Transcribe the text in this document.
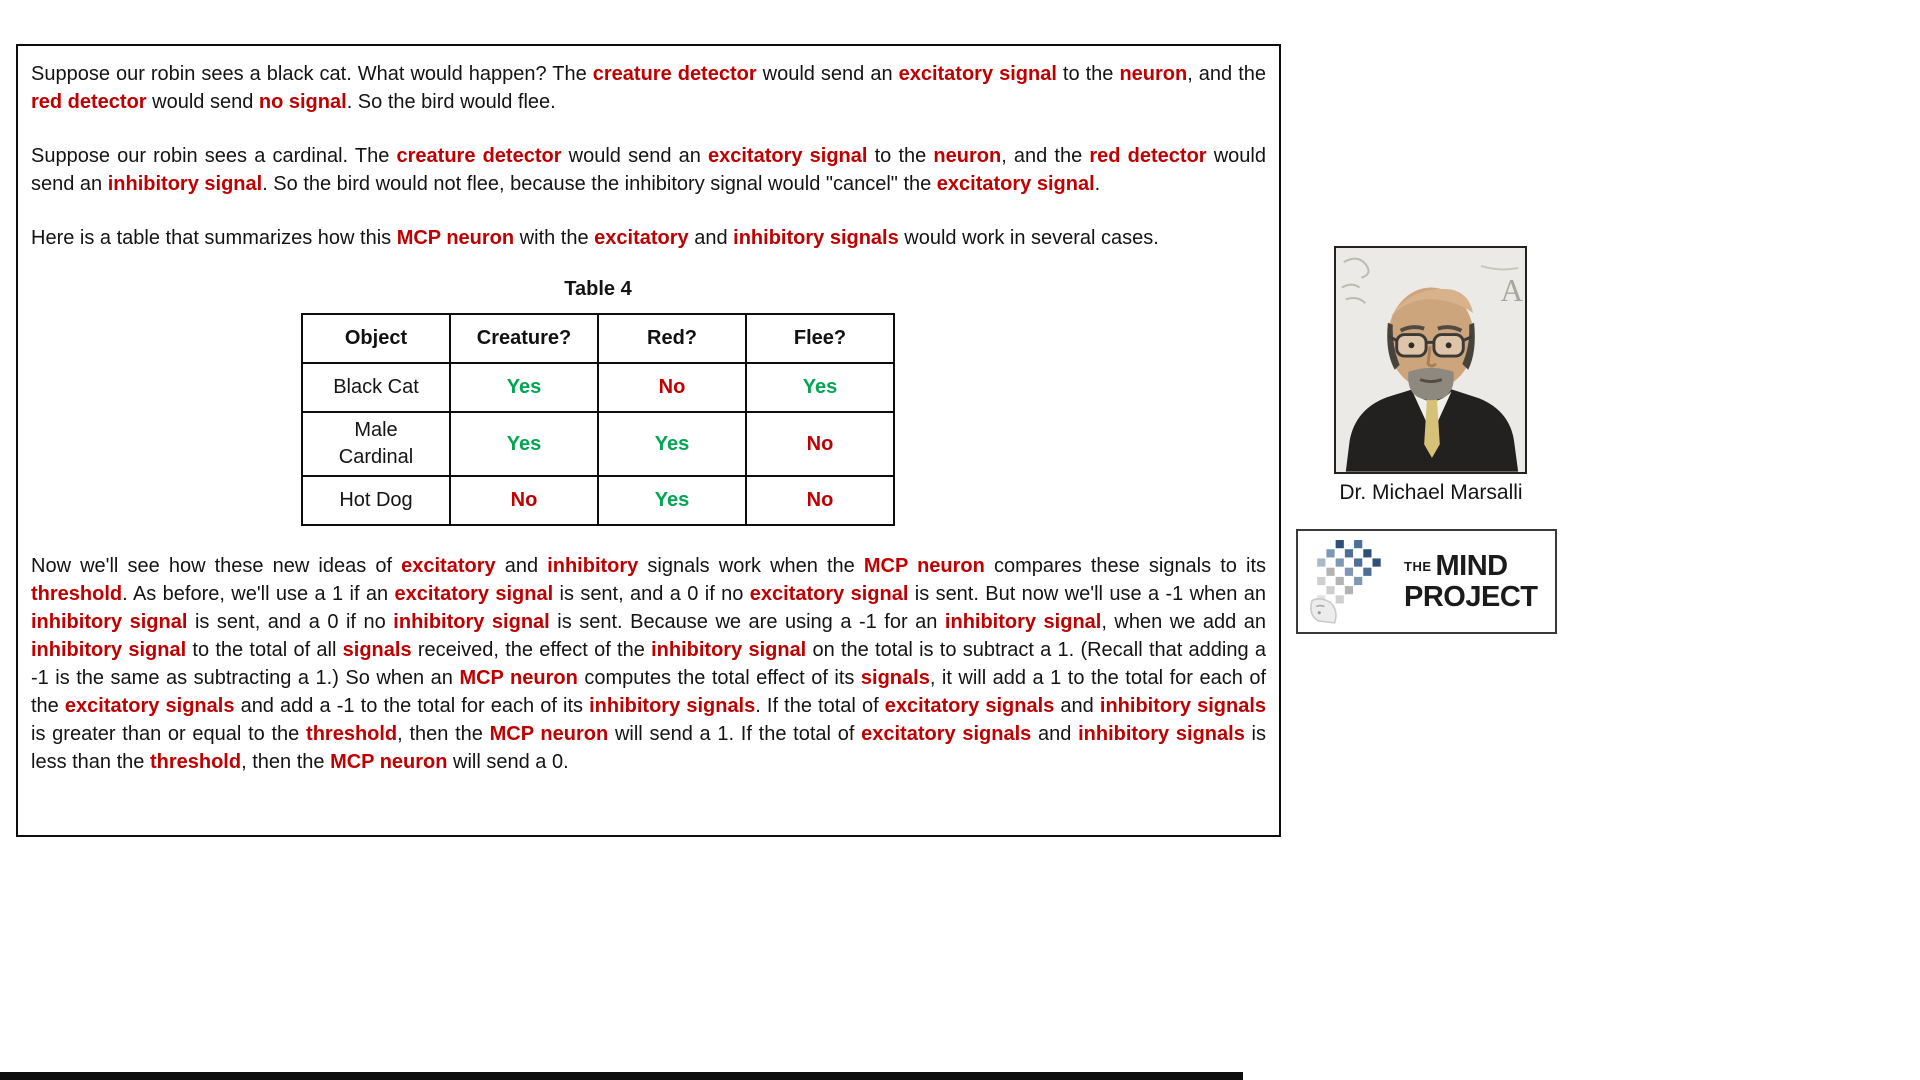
Suppose our robin sees a black cat. What would happen? The creature detector would send an excitatory signal to the neuron, and the red detector would send no signal. So the bird would flee.

Suppose our robin sees a cardinal. The creature detector would send an excitatory signal to the neuron, and the red detector would send an inhibitory signal. So the bird would not flee, because the inhibitory signal would "cancel" the excitatory signal.

Here is a table that summarizes how this MCP neuron with the excitatory and inhibitory signals would work in several cases.

Table 4
Object	Creature?	Red?	Flee?
Black Cat	Yes	No	Yes
Male Cardinal	Yes	Yes	No
Hot Dog	No	Yes	No

Now we'll see how these new ideas of excitatory and inhibitory signals work when the MCP neuron compares these signals to its threshold. As before, we'll use a 1 if an excitatory signal is sent, and a 0 if no excitatory signal is sent. But now we'll use a -1 when an inhibitory signal is sent, and a 0 if no inhibitory signal is sent. Because we are using a -1 for an inhibitory signal, when we add an inhibitory signal to the total of all signals received, the effect of the inhibitory signal on the total is to subtract a 1. (Recall that adding a -1 is the same as subtracting a 1.) So when an MCP neuron computes the total effect of its signals, it will add a 1 to the total for each of the excitatory signals and add a -1 to the total for each of its inhibitory signals. If the total of excitatory signals and inhibitory signals is greater than or equal to the threshold, then the MCP neuron will send a 1. If the total of excitatory signals and inhibitory signals is less than the threshold, then the MCP neuron will send a 0.

A
Dr. Michael Marsalli
THE MIND
PROJECT
